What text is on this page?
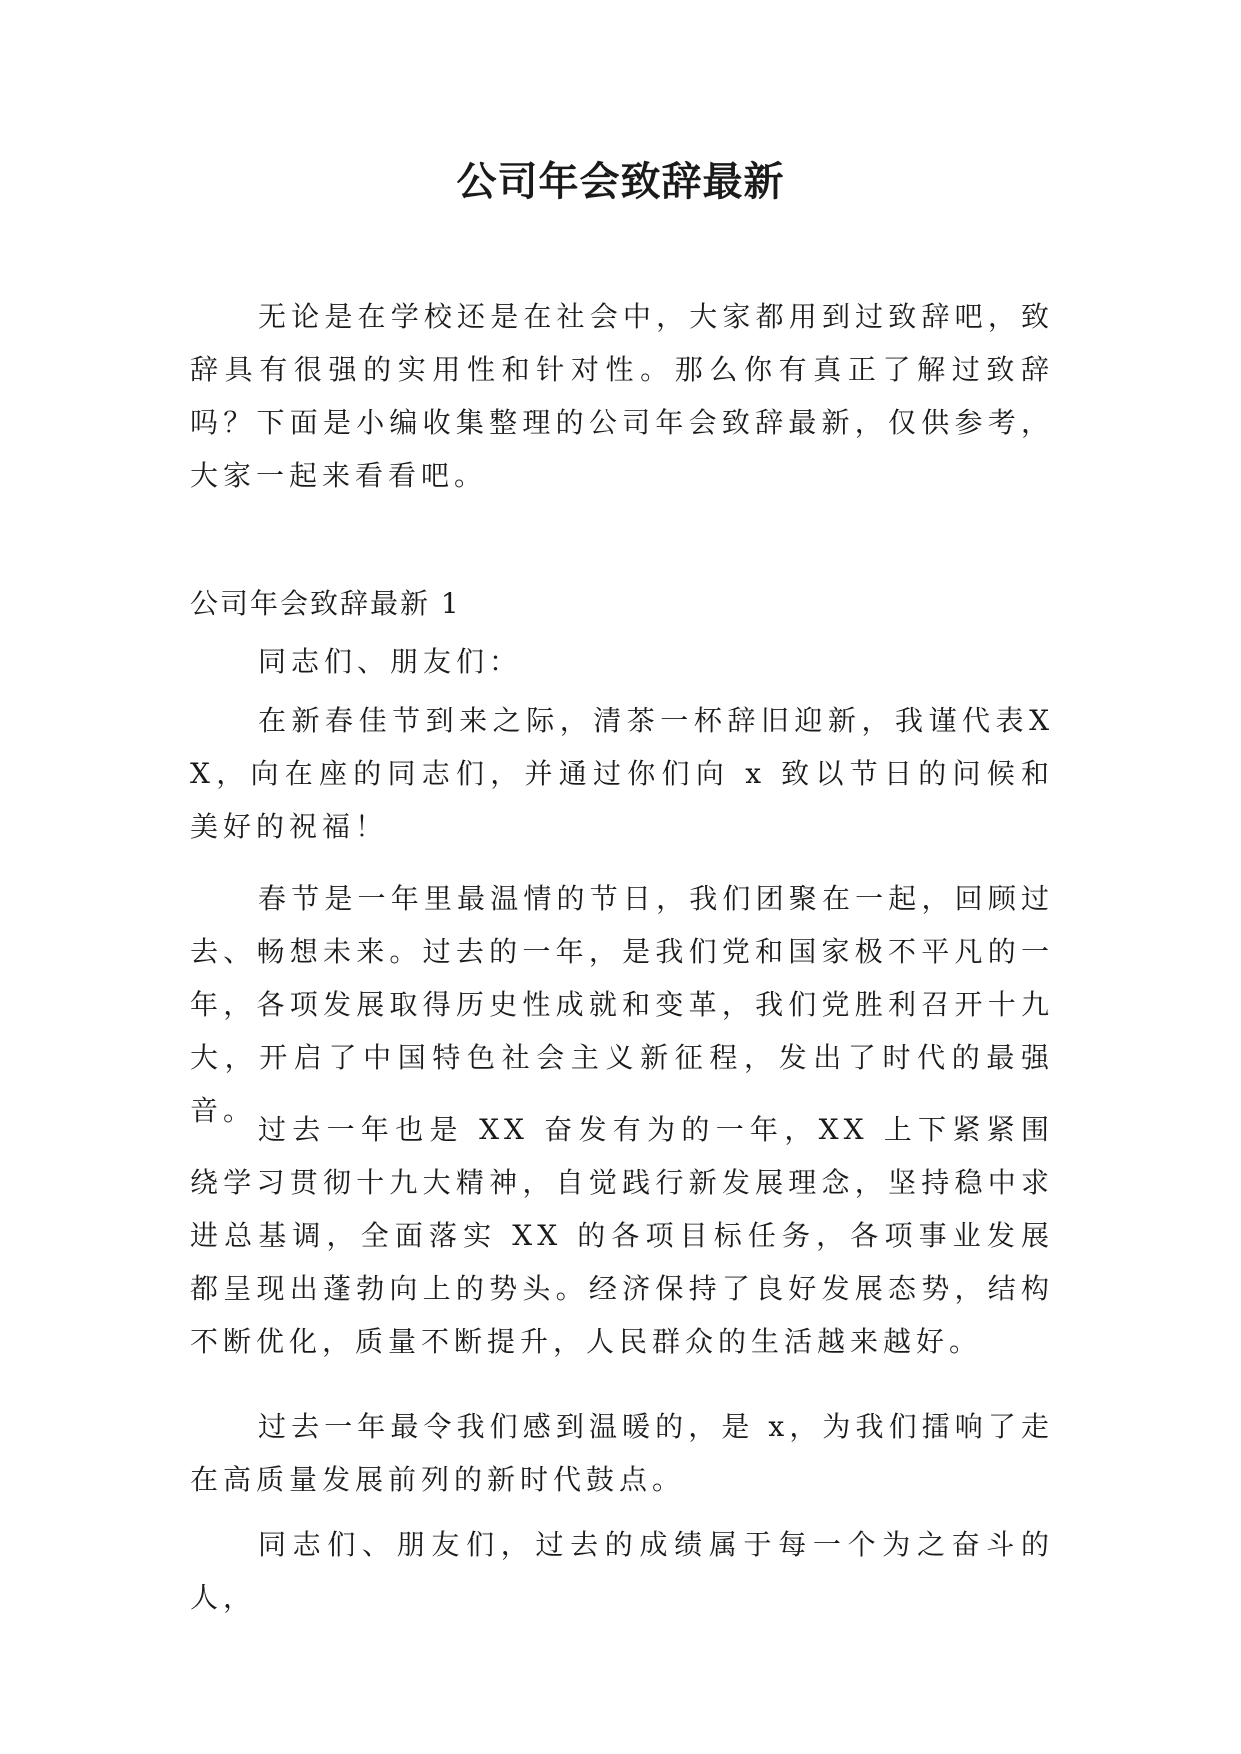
公司年会致辞最新

无论是在学校还是在社会中，大家都用到过致辞吧，致辞具有很强的实用性和针对性。那么你有真正了解过致辞吗？下面是小编收集整理的公司年会致辞最新，仅供参考，大家一起来看看吧。

公司年会致辞最新 1

同志们、朋友们：

在新春佳节到来之际，清茶一杯辞旧迎新，我谨代表XX，向在座的同志们，并通过你们向 x 致以节日的问候和美好的祝福！

春节是一年里最温情的节日，我们团聚在一起，回顾过去、畅想未来。过去的一年，是我们党和国家极不平凡的一年，各项发展取得历史性成就和变革，我们党胜利召开十九大，开启了中国特色社会主义新征程，发出了时代的最强音。

过去一年也是 XX 奋发有为的一年，XX 上下紧紧围绕学习贯彻十九大精神，自觉践行新发展理念，坚持稳中求进总基调，全面落实 XX 的各项目标任务，各项事业发展都呈现出蓬勃向上的势头。经济保持了良好发展态势，结构不断优化，质量不断提升，人民群众的生活越来越好。

过去一年最令我们感到温暖的，是 x，为我们擂响了走在高质量发展前列的新时代鼓点。

同志们、朋友们，过去的成绩属于每一个为之奋斗的人，
